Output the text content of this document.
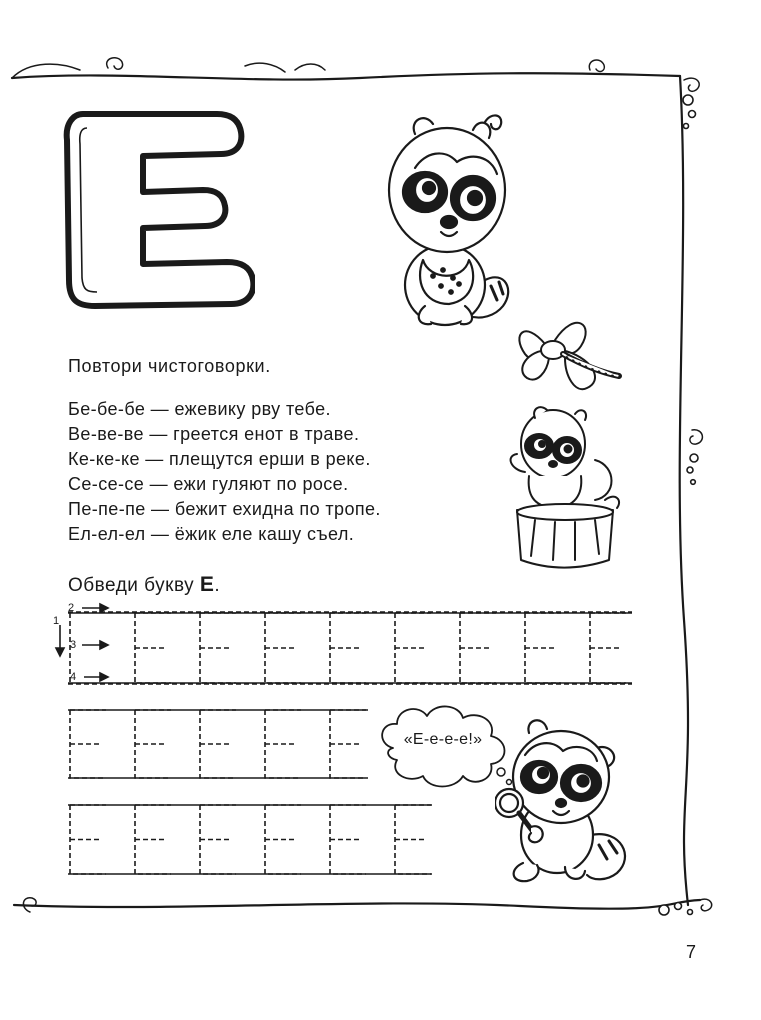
Повтори чистоговорки.
Бе-бе-бе — ежевику рву тебе.
Ве-ве-ве — греется енот в траве.
Ке-ке-ке — плещутся ерши в реке.
Се-се-се — ежи гуляют по росе.
Пе-пе-пе — бежит ехидна по тропе.
Ел-ел-ел — ёжик еле кашу съел.
Обведи букву Е.
2
1
3
4
«Е-е-е-е!»
7
